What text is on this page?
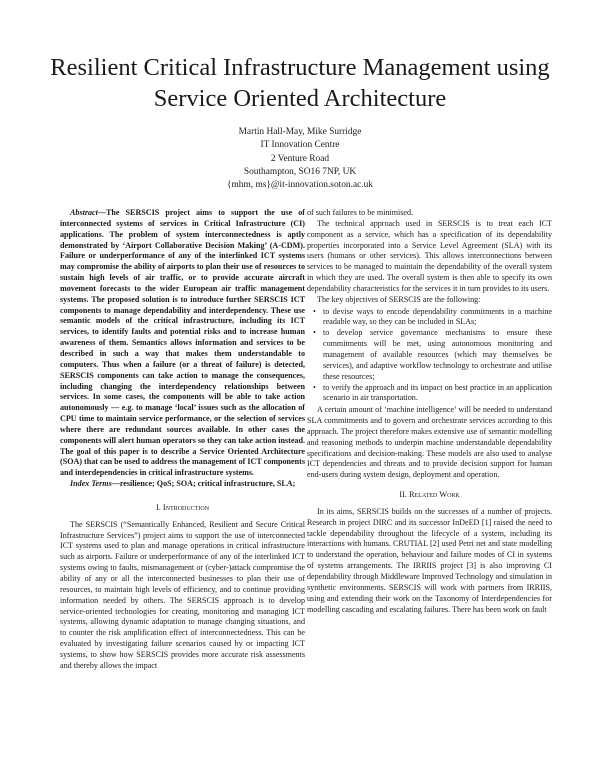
Resilient Critical Infrastructure Management using
Service Oriented Architecture
Martin Hall-May, Mike Surridge
IT Innovation Centre
2 Venture Road
Southampton, SO16 7NP, UK
{mhm, ms}@it-innovation.soton.ac.uk

Abstract—The SERSCIS project aims to support the use of interconnected systems of services in Critical Infrastructure (CI) applications. The problem of system interconnectedness is aptly demonstrated by ‘Airport Collaborative Decision Making’ (A-CDM). Failure or underperformance of any of the interlinked ICT systems may compromise the ability of airports to plan their use of resources to sustain high levels of air traffic, or to provide accurate aircraft movement forecasts to the wider European air traffic management systems. The proposed solution is to introduce further SERSCIS ICT components to manage dependability and interdependency. These use semantic models of the critical infrastructure, including its ICT services, to identify faults and potential risks and to increase human awareness of them. Semantics allows information and services to be described in such a way that makes them understandable to computers. Thus when a failure (or a threat of failure) is detected, SERSCIS components can take action to manage the consequences, including changing the interdependency relationships between services. In some cases, the components will be able to take action autonomously — e.g. to manage ‘local’ issues such as the allocation of CPU time to maintain service performance, or the selection of services where there are redundant sources available. In other cases the components will alert human operators so they can take action instead. The goal of this paper is to describe a Service Oriented Architecture (SOA) that can be used to address the management of ICT components and interdependencies in critical infrastructure systems.

Index Terms—resilience; QoS; SOA; critical infrastructure, SLA;

I. Introduction

The SERSCIS (“Semantically Enhanced, Resilient and Secure Critical Infrastructure Services”) project aims to support the use of interconnected ICT systems used to plan and manage operations in critical infrastructure such as airports. Failure or underperformance of any of the interlinked ICT systems owing to faults, mismanagement or (cyber-)attack compromise the ability of any or all the interconnected businesses to plan their use of resources, to maintain high levels of efficiency, and to continue providing information needed by others. The SERSCIS approach is to develop service-oriented technologies for creating, monitoring and managing ICT systems, allowing dynamic adaptation to manage changing situations, and to counter the risk amplification effect of interconnectedness. This can be evaluated by investigating failure scenarios caused by or impacting ICT systems, to show how SERSCIS provides more accurate risk assessments and thereby allows the impact

of such failures to be minimised.

The technical approach used in SERSCIS is to treat each ICT component as a service, which has a specification of its dependability properties incorporated into a Service Level Agreement (SLA) with its users (humans or other services). This allows interconnections between services to be managed to maintain the dependability of the overall system in which they are used. The overall system is then able to specify its own dependability characteristics for the services it in turn provides to its users.

The key objectives of SERSCIS are the following:

• to devise ways to encode dependability commitments in a machine readable way, so they can be included in SLAs;
• to develop service governance mechanisms to ensure these commitments will be met, using autonomous monitoring and management of available resources (which may themselves be services), and adaptive workflow technology to orchestrate and utilise these resources;
• to verify the approach and its impact on best practice in an application scenario in air transportation.

A certain amount of ‘machine intelligence’ will be needed to understand SLA commitments and to govern and orchestrate services according to this approach. The project therefore makes extensive use of semantic modelling and reasoning methods to underpin machine understandable dependability specifications and decision-making. These models are also used to analyse ICT dependencies and threats and to provide decision support for human end-users during system design, deployment and operation.

II. Related Work

In its aims, SERSCIS builds on the successes of a number of projects. Research in project DIRC and its successor InDeED [1] raised the need to tackle dependability throughout the lifecycle of a system, including its interactions with humans. CRUTIAL [2] used Petri net and state modelling to understand the operation, behaviour and failure modes of CI in systems of systems arrangements. The IRRIIS project [3] is also improving CI dependability through Middleware Improved Technology and simulation in synthetic environments. SERSCIS will work with partners from IRRIIS, using and extending their work on the Taxonomy of Interdependencies for modelling cascading and escalating failures. There has been work on fault
